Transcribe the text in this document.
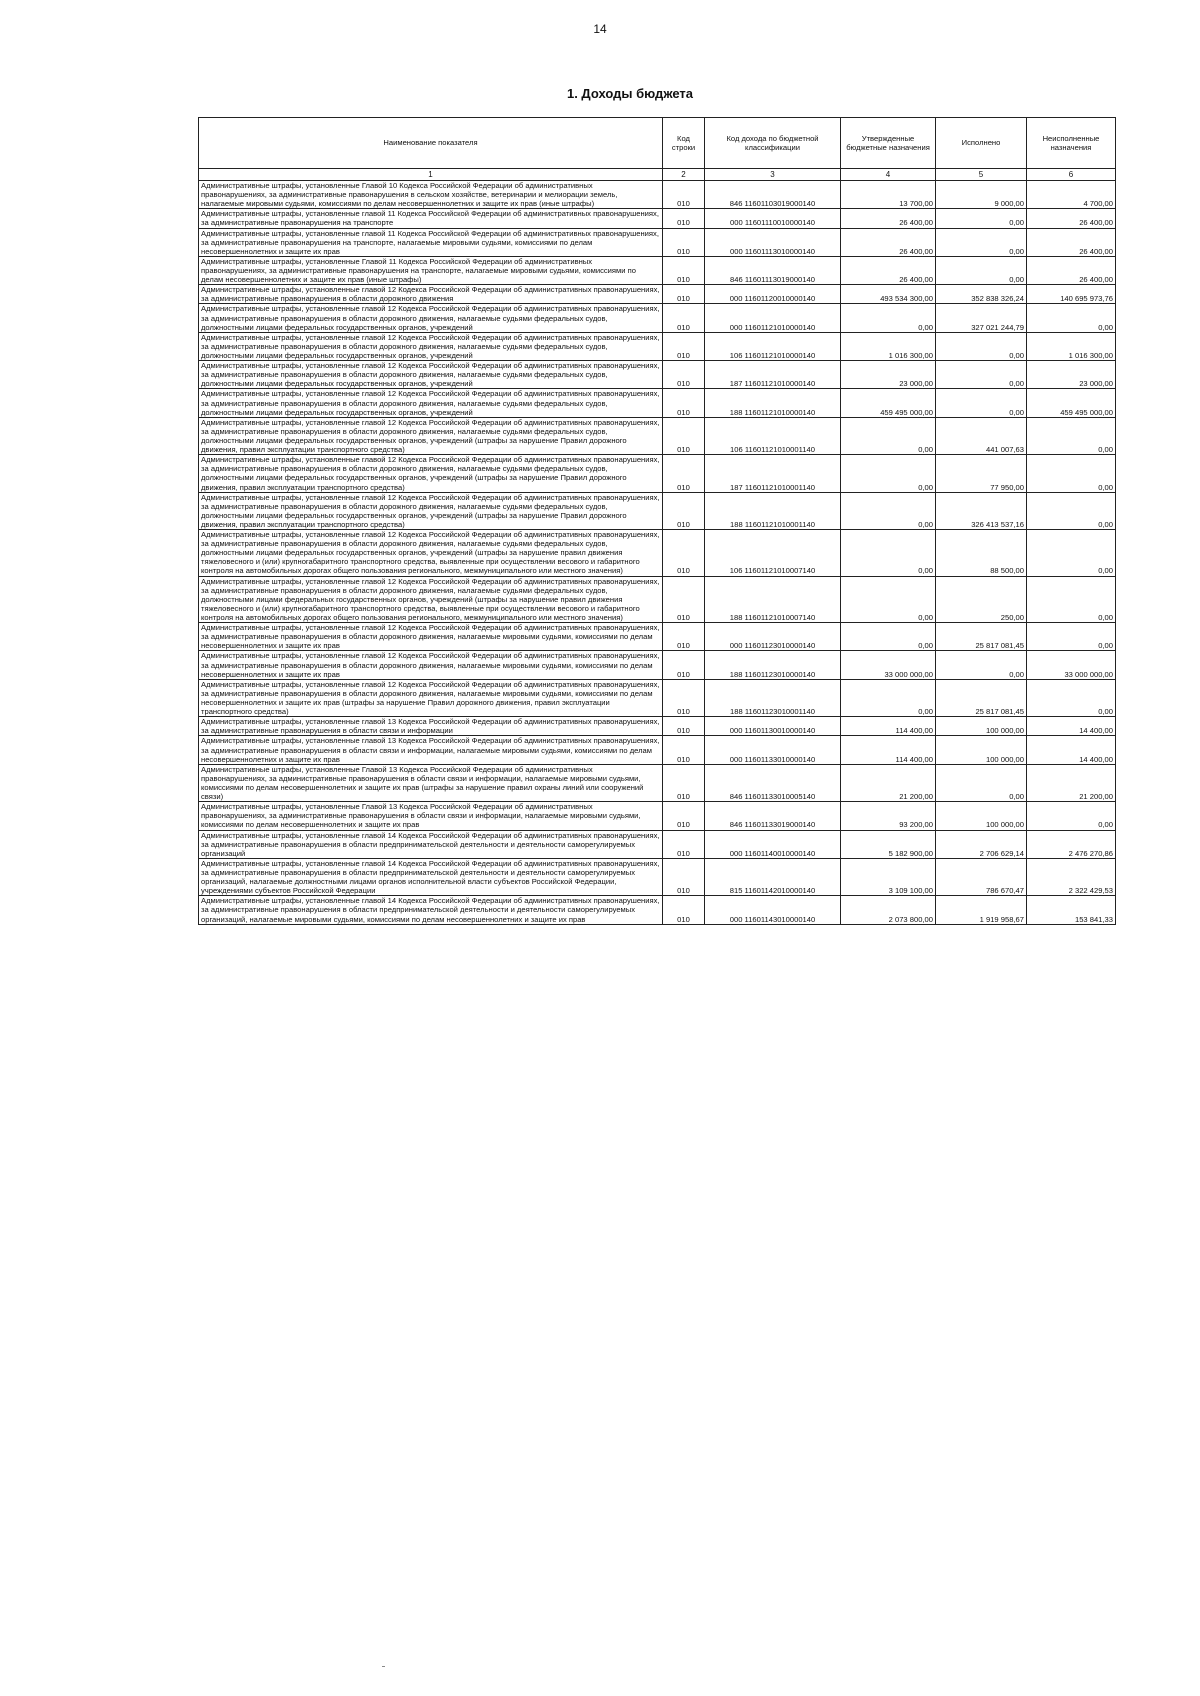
14
1. Доходы бюджета
Наименование показателя	Код строки	Код дохода по бюджетной классификации	Утвержденные бюджетные назначения	Исполнено	Неисполненные назначения
1	2	3	4	5	6
Административные штрафы, установленные Главой 10 Кодекса Российской Федерации об административных правонарушениях, за административные правонарушения в сельском хозяйстве, ветеринарии и мелиорации земель, налагаемые мировыми судьями, комиссиями по делам несовершеннолетних и защите их прав (иные штрафы)	010	846 11601103019000140	13 700,00	9 000,00	4 700,00
Административные штрафы, установленные главой 11 Кодекса Российской Федерации об административных правонарушениях, за административные правонарушения на транспорте	010	000 11601110010000140	26 400,00	0,00	26 400,00
Административные штрафы, установленные главой 11 Кодекса Российской Федерации об административных правонарушениях, за административные правонарушения на транспорте, налагаемые мировыми судьями, комиссиями по делам несовершеннолетних и защите их прав	010	000 11601113010000140	26 400,00	0,00	26 400,00
Административные штрафы, установленные Главой 11 Кодекса Российской Федерации об административных правонарушениях, за административные правонарушения на транспорте, налагаемые мировыми судьями, комиссиями по делам несовершеннолетних и защите их прав (иные штрафы)	010	846 11601113019000140	26 400,00	0,00	26 400,00
Административные штрафы, установленные главой 12 Кодекса Российской Федерации об административных правонарушениях, за административные правонарушения в области дорожного движения	010	000 11601120010000140	493 534 300,00	352 838 326,24	140 695 973,76
Административные штрафы, установленные главой 12 Кодекса Российской Федерации об административных правонарушениях, за административные правонарушения в области дорожного движения, налагаемые судьями федеральных судов, должностными лицами федеральных государственных органов, учреждений	010	000 11601121010000140	0,00	327 021 244,79	0,00
Административные штрафы, установленные главой 12 Кодекса Российской Федерации об административных правонарушениях, за административные правонарушения в области дорожного движения, налагаемые судьями федеральных судов, должностными лицами федеральных государственных органов, учреждений	010	106 11601121010000140	1 016 300,00	0,00	1 016 300,00
Административные штрафы, установленные главой 12 Кодекса Российской Федерации об административных правонарушениях, за административные правонарушения в области дорожного движения, налагаемые судьями федеральных судов, должностными лицами федеральных государственных органов, учреждений	010	187 11601121010000140	23 000,00	0,00	23 000,00
Административные штрафы, установленные главой 12 Кодекса Российской Федерации об административных правонарушениях, за административные правонарушения в области дорожного движения, налагаемые судьями федеральных судов, должностными лицами федеральных государственных органов, учреждений	010	188 11601121010000140	459 495 000,00	0,00	459 495 000,00
Административные штрафы, установленные главой 12 Кодекса Российской Федерации об административных правонарушениях, за административные правонарушения в области дорожного движения, налагаемые судьями федеральных судов, должностными лицами федеральных государственных органов, учреждений (штрафы за нарушение Правил дорожного движения, правил эксплуатации транспортного средства)	010	106 11601121010001140	0,00	441 007,63	0,00
Административные штрафы, установленные главой 12 Кодекса Российской Федерации об административных правонарушениях, за административные правонарушения в области дорожного движения, налагаемые судьями федеральных судов, должностными лицами федеральных государственных органов, учреждений (штрафы за нарушение Правил дорожного движения, правил эксплуатации транспортного средства)	010	187 11601121010001140	0,00	77 950,00	0,00
Административные штрафы, установленные главой 12 Кодекса Российской Федерации об административных правонарушениях, за административные правонарушения в области дорожного движения, налагаемые судьями федеральных судов, должностными лицами федеральных государственных органов, учреждений (штрафы за нарушение Правил дорожного движения, правил эксплуатации транспортного средства)	010	188 11601121010001140	0,00	326 413 537,16	0,00
Административные штрафы, установленные главой 12 Кодекса Российской Федерации об административных правонарушениях, за административные правонарушения в области дорожного движения, налагаемые судьями федеральных судов, должностными лицами федеральных государственных органов, учреждений (штрафы за нарушение правил движения тяжеловесного и (или) крупногабаритного транспортного средства, выявленные при осуществлении весового и габаритного контроля на автомобильных дорогах общего пользования регионального, межмуниципального или местного значения)	010	106 11601121010007140	0,00	88 500,00	0,00
Административные штрафы, установленные главой 12 Кодекса Российской Федерации об административных правонарушениях, за административные правонарушения в области дорожного движения, налагаемые судьями федеральных судов, должностными лицами федеральных государственных органов, учреждений (штрафы за нарушение правил движения тяжеловесного и (или) крупногабаритного транспортного средства, выявленные при осуществлении весового и габаритного контроля на автомобильных дорогах общего пользования регионального, межмуниципального или местного значения)	010	188 11601121010007140	0,00	250,00	0,00
Административные штрафы, установленные главой 12 Кодекса Российской Федерации об административных правонарушениях, за административные правонарушения в области дорожного движения, налагаемые мировыми судьями, комиссиями по делам несовершеннолетних и защите их прав	010	000 11601123010000140	0,00	25 817 081,45	0,00
Административные штрафы, установленные главой 12 Кодекса Российской Федерации об административных правонарушениях, за административные правонарушения в области дорожного движения, налагаемые мировыми судьями, комиссиями по делам несовершеннолетних и защите их прав	010	188 11601123010000140	33 000 000,00	0,00	33 000 000,00
Административные штрафы, установленные главой 12 Кодекса Российской Федерации об административных правонарушениях, за административные правонарушения в области дорожного движения, налагаемые мировыми судьями, комиссиями по делам несовершеннолетних и защите их прав (штрафы за нарушение Правил дорожного движения, правил эксплуатации транспортного средства)	010	188 11601123010001140	0,00	25 817 081,45	0,00
Административные штрафы, установленные главой 13 Кодекса Российской Федерации об административных правонарушениях, за административные правонарушения в области связи и информации	010	000 11601130010000140	114 400,00	100 000,00	14 400,00
Административные штрафы, установленные главой 13 Кодекса Российской Федерации об административных правонарушениях, за административные правонарушения в области связи и информации, налагаемые мировыми судьями, комиссиями по делам несовершеннолетних и защите их прав	010	000 11601133010000140	114 400,00	100 000,00	14 400,00
Административные штрафы, установленные Главой 13 Кодекса Российской Федерации об административных правонарушениях, за административные правонарушения в области связи и информации, налагаемые мировыми судьями, комиссиями по делам несовершеннолетних и защите их прав (штрафы за нарушение правил охраны линий или сооружений связи)	010	846 11601133010005140	21 200,00	0,00	21 200,00
Административные штрафы, установленные Главой 13 Кодекса Российской Федерации об административных правонарушениях, за административные правонарушения в области связи и информации, налагаемые мировыми судьями, комиссиями по делам несовершеннолетних и защите их прав	010	846 11601133019000140	93 200,00	100 000,00	0,00
Административные штрафы, установленные главой 14 Кодекса Российской Федерации об административных правонарушениях, за административные правонарушения в области предпринимательской деятельности и деятельности саморегулируемых организаций	010	000 11601140010000140	5 182 900,00	2 706 629,14	2 476 270,86
Административные штрафы, установленные главой 14 Кодекса Российской Федерации об административных правонарушениях, за административные правонарушения в области предпринимательской деятельности и деятельности саморегулируемых организаций, налагаемые должностными лицами органов исполнительной власти субъектов Российской Федерации, учреждениями субъектов Российской Федерации	010	815 11601142010000140	3 109 100,00	786 670,47	2 322 429,53
Административные штрафы, установленные главой 14 Кодекса Российской Федерации об административных правонарушениях, за административные правонарушения в области предпринимательской деятельности и деятельности саморегулируемых организаций, налагаемые мировыми судьями, комиссиями по делам несовершеннолетних и защите их прав	010	000 11601143010000140	2 073 800,00	1 919 958,67	153 841,33
